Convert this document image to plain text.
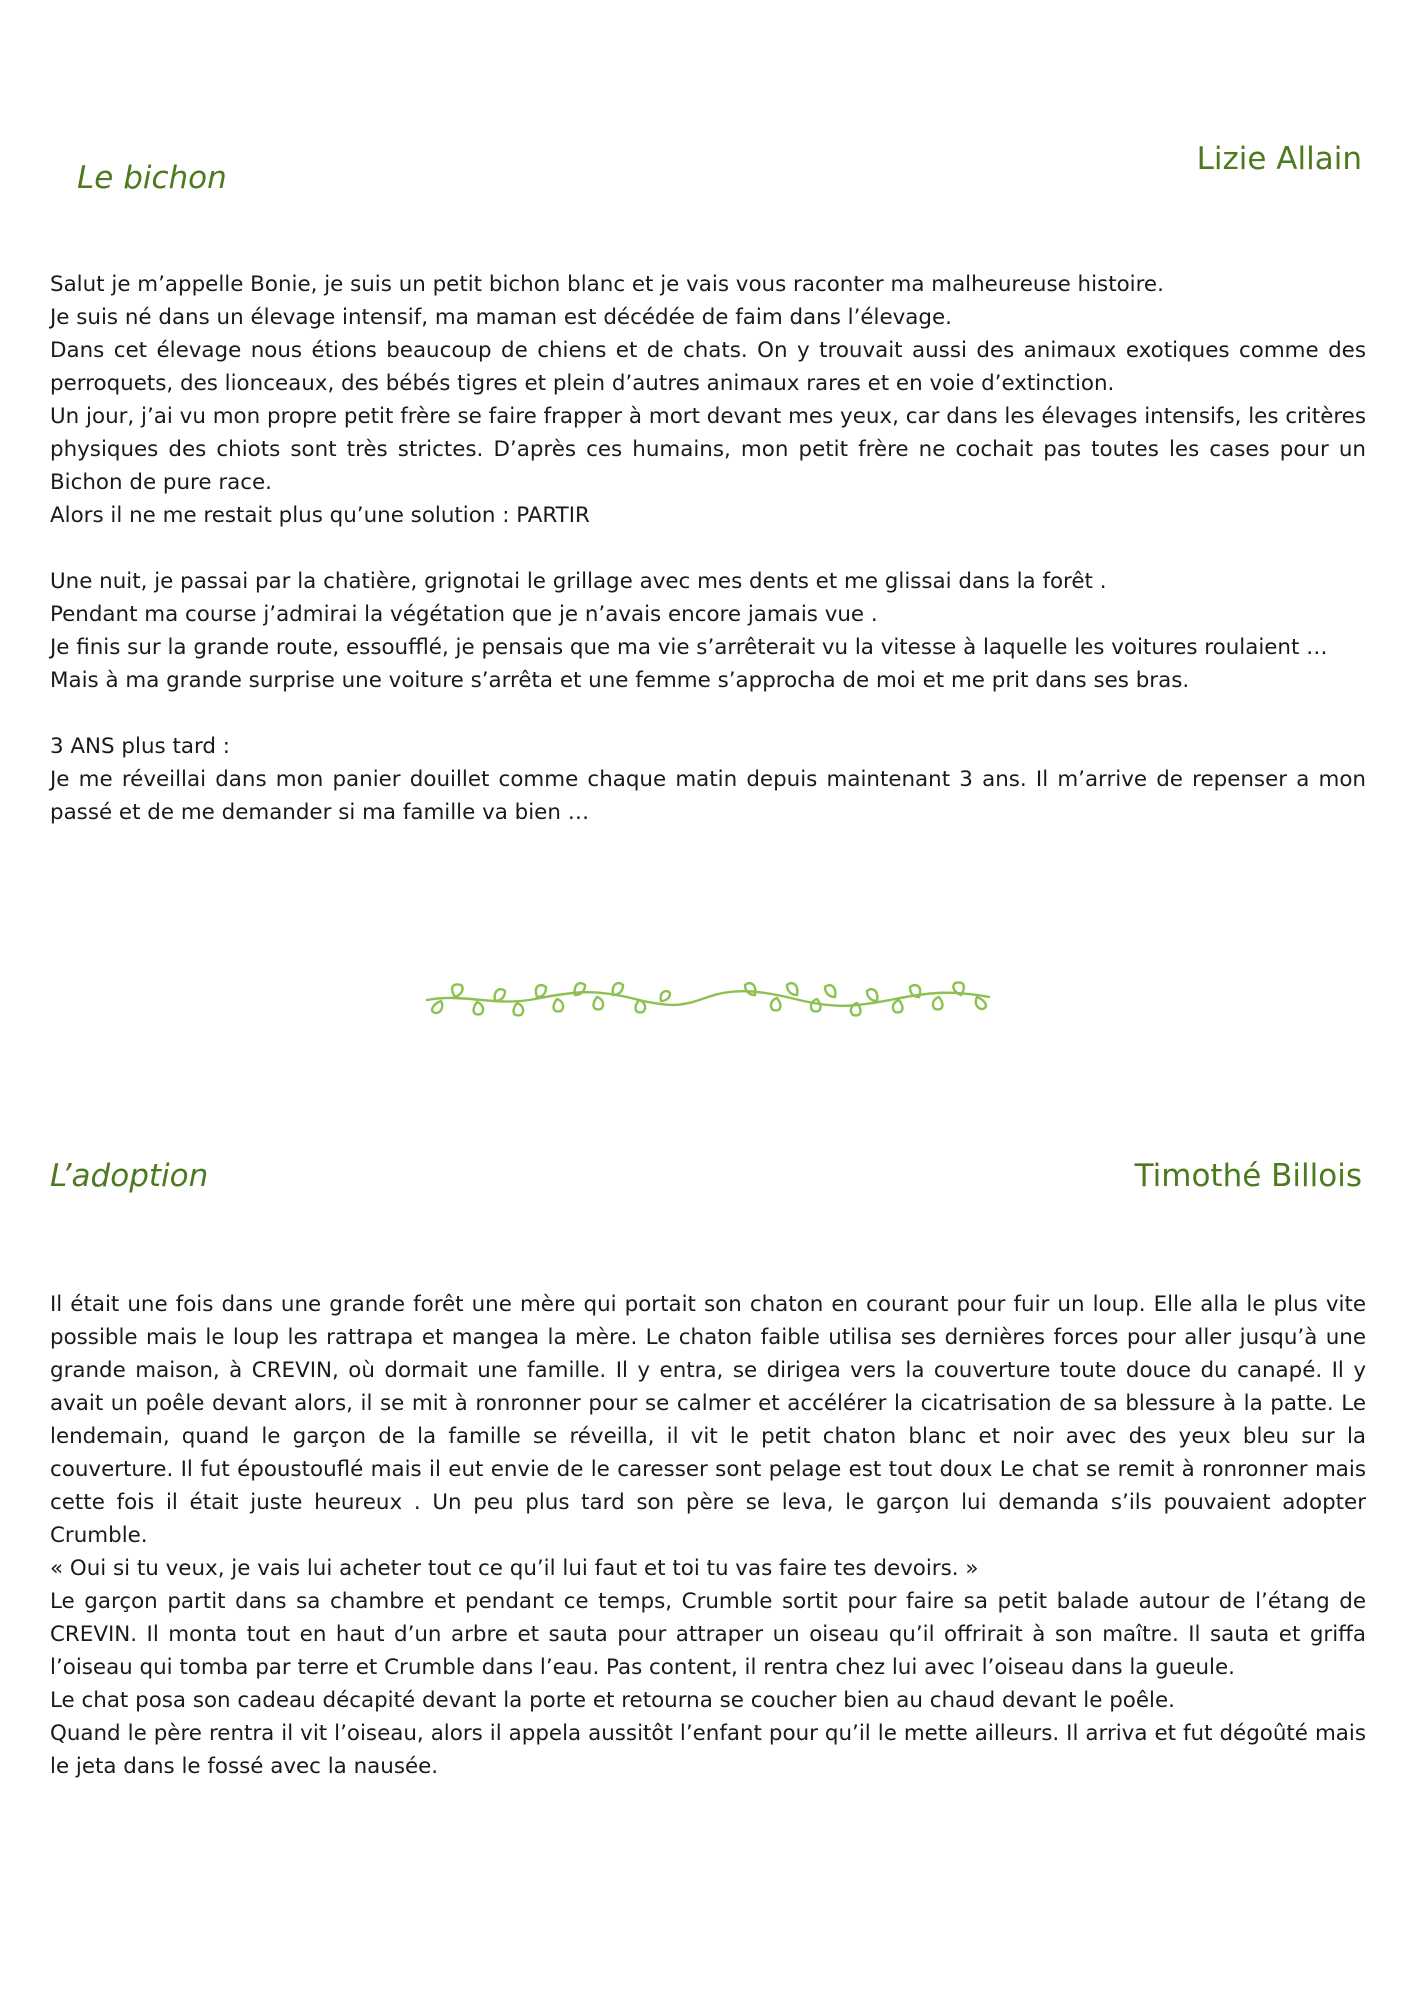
Le bichon
Lizie Allain

Salut je m’appelle Bonie, je suis un petit bichon blanc et je vais vous raconter ma malheureuse histoire.

Je suis né dans un élevage intensif, ma maman est décédée de faim dans l’élevage.

Dans cet élevage nous étions beaucoup de chiens et de chats. On y trouvait aussi des animaux exotiques comme des perroquets, des lionceaux, des bébés tigres et plein d’autres animaux rares et en voie d’extinction.

Un jour, j’ai vu mon propre petit frère se faire frapper à mort devant mes yeux, car dans les élevages intensifs, les critères physiques des chiots sont très strictes. D’après ces humains, mon petit frère ne cochait pas toutes les cases pour un Bichon de pure race.

Alors il ne me restait plus qu’une solution : PARTIR

Une nuit, je passai par la chatière, grignotai le grillage avec mes dents et me glissai dans la forêt .

Pendant ma course j’admirai la végétation que je n’avais encore jamais vue .

Je finis sur la grande route, essoufflé, je pensais que ma vie s’arrêterait vu la vitesse à laquelle les voitures roulaient …

Mais à ma grande surprise une voiture s’arrêta et une femme s’approcha de moi et me prit dans ses bras.

3 ANS plus tard :

Je me réveillai dans mon panier douillet comme chaque matin depuis maintenant 3 ans. Il m’arrive de repenser a mon passé et de me demander si ma famille va bien …

L’adoption	Timothé Billois

Il était une fois dans une grande forêt une mère qui portait son chaton en courant pour fuir un loup. Elle alla le plus vite possible mais le loup les rattrapa et mangea la mère. Le chaton faible utilisa ses dernières forces pour aller jusqu’à une grande maison, à CREVIN, où dormait une famille. Il y entra, se dirigea vers la couverture toute douce du canapé. Il y avait un poêle devant alors, il se mit à ronronner pour se calmer et accélérer la cicatrisation de sa blessure à la patte. Le lendemain, quand le garçon de la famille se réveilla, il vit le petit chaton blanc et noir avec des yeux bleu sur la couverture. Il fut époustouflé mais il eut envie de le caresser sont pelage est tout doux Le chat se remit à ronronner mais cette fois il était juste heureux . Un peu plus tard son père se leva, le garçon lui demanda s’ils pouvaient adopter Crumble.

« Oui si tu veux, je vais lui acheter tout ce qu’il lui faut et toi tu vas faire tes devoirs. »

Le garçon partit dans sa chambre et pendant ce temps, Crumble sortit pour faire sa petit balade autour de l’étang de CREVIN. Il monta tout en haut d’un arbre et sauta pour attraper un oiseau qu’il offrirait à son maître. Il sauta et griffa l’oiseau qui tomba par terre et Crumble dans l’eau. Pas content, il rentra chez lui avec l’oiseau dans la gueule.

Le chat posa son cadeau décapité devant la porte et retourna se coucher bien au chaud devant le poêle.

Quand le père rentra il vit l’oiseau, alors il appela aussitôt l’enfant pour qu’il le mette ailleurs. Il arriva et fut dégoûté mais le jeta dans le fossé avec la nausée.
